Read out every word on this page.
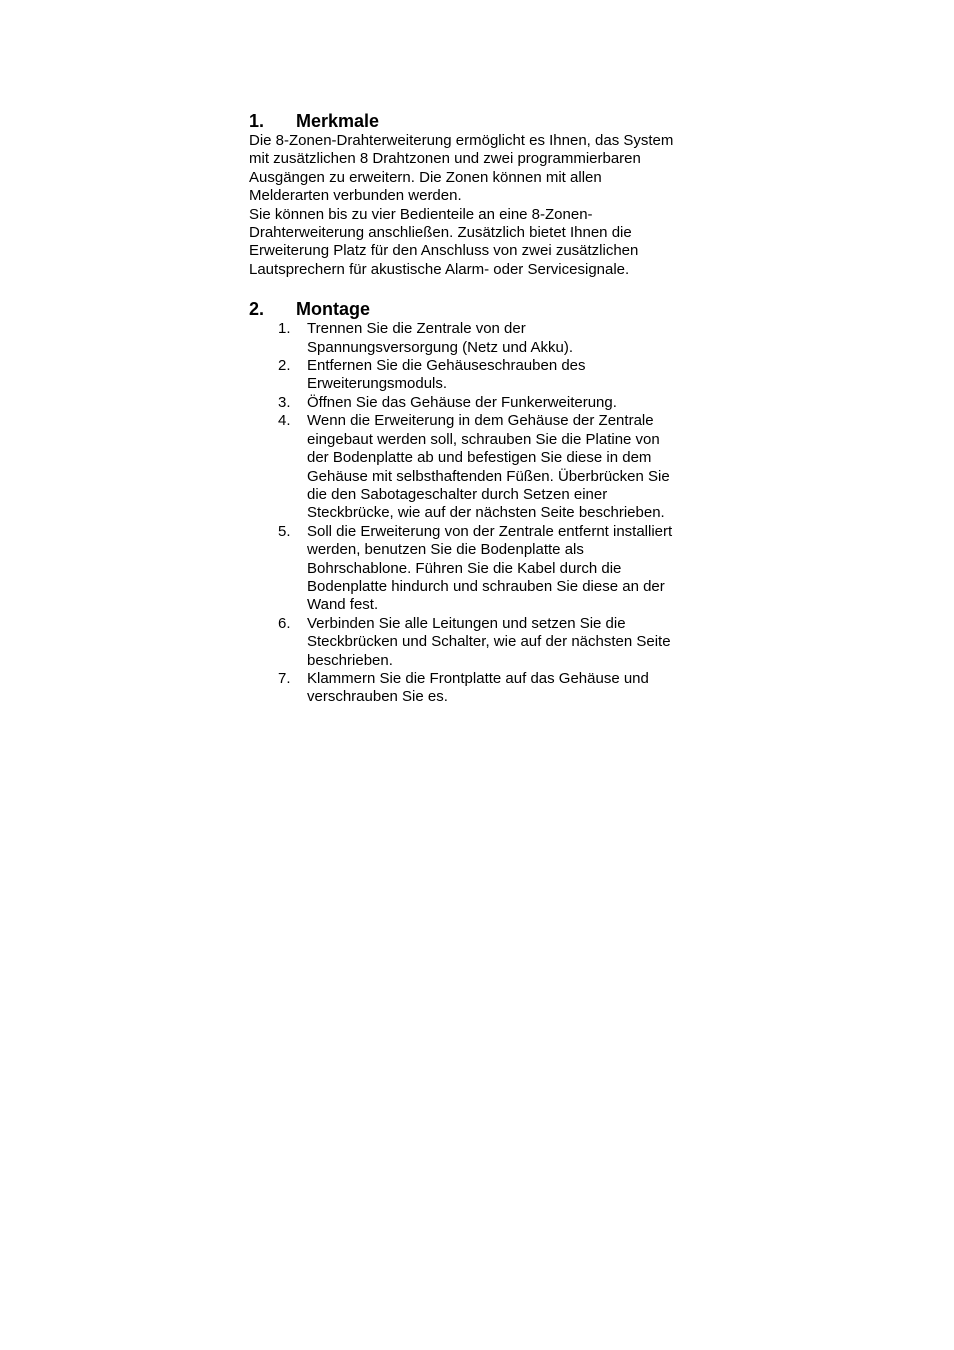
1.	Merkmale

Die 8-Zonen-Drahterweiterung ermöglicht es Ihnen, das System
mit zusätzlichen 8 Drahtzonen und zwei programmierbaren
Ausgängen zu erweitern. Die Zonen können mit allen
Melderarten verbunden werden.

Sie können bis zu vier Bedienteile an eine 8-Zonen-
Drahterweiterung anschließen. Zusätzlich bietet Ihnen die
Erweiterung Platz für den Anschluss von zwei zusätzlichen
Lautsprechern für akustische Alarm- oder Servicesignale.

2.	Montage
1.	Trennen Sie die Zentrale von der
Spannungsversorgung (Netz und Akku).
2.	Entfernen Sie die Gehäuseschrauben des
Erweiterungsmoduls.
3.	Öffnen Sie das Gehäuse der Funkerweiterung.
4.	Wenn die Erweiterung in dem Gehäuse der Zentrale
eingebaut werden soll, schrauben Sie die Platine von
der Bodenplatte ab und befestigen Sie diese in dem
Gehäuse mit selbsthaftenden Füßen. Überbrücken Sie
die den Sabotageschalter durch Setzen einer
Steckbrücke, wie auf der nächsten Seite beschrieben.
5.	Soll die Erweiterung von der Zentrale entfernt installiert
werden, benutzen Sie die Bodenplatte als
Bohrschablone. Führen Sie die Kabel durch die
Bodenplatte hindurch und schrauben Sie diese an der
Wand fest.
6.	Verbinden Sie alle Leitungen und setzen Sie die
Steckbrücken und Schalter, wie auf der nächsten Seite
beschrieben.
7.	Klammern Sie die Frontplatte auf das Gehäuse und
verschrauben Sie es.
